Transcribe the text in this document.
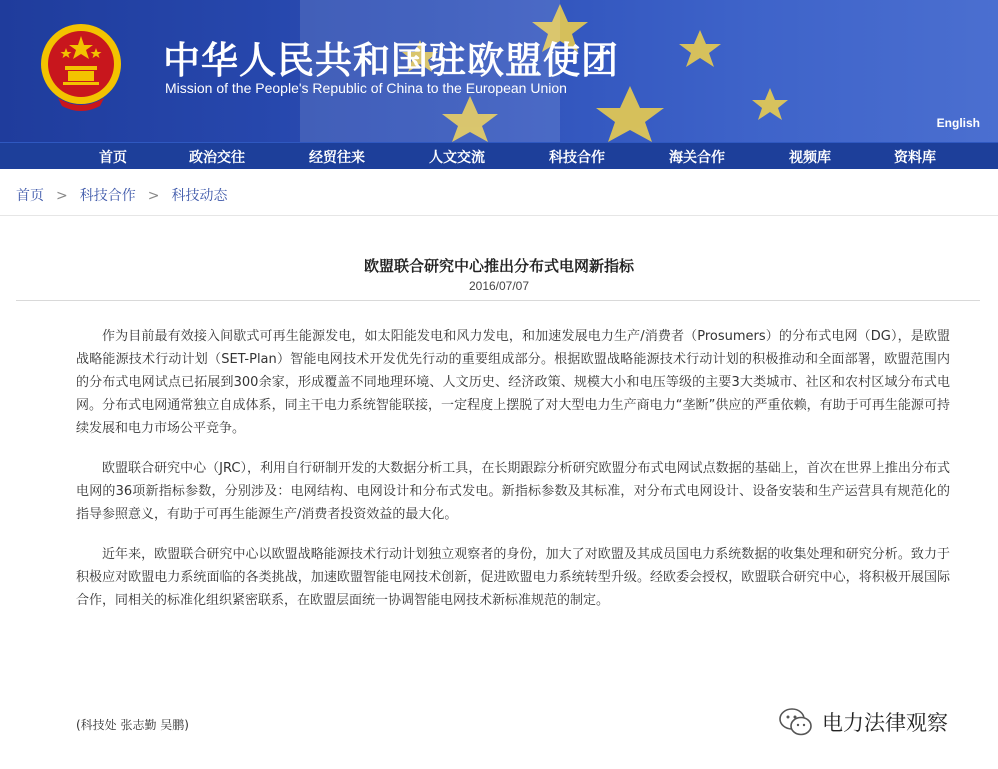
中华人民共和国驻欧盟使团
Mission of the People's Republic of China to the European Union
English
首页	政治交往	经贸往来	人文交流	科技合作	海关合作	视频库	资料库
首页 > 科技合作 > 科技动态
欧盟联合研究中心推出分布式电网新指标
2016/07/07

作为目前最有效接入间歇式可再生能源发电，如太阳能发电和风力发电，和加速发展电力生产/消费者（Prosumers）的分布式电网（DG），是欧盟战略能源技术行动计划（SET-Plan）智能电网技术开发优先行动的重要组成部分。根据欧盟战略能源技术行动计划的积极推动和全面部署，欧盟范围内的分布式电网试点已拓展到300余家，形成覆盖不同地理环境、人文历史、经济政策、规模大小和电压等级的主要3大类城市、社区和农村区域分布式电网。分布式电网通常独立自成体系，同主干电力系统智能联接，一定程度上摆脱了对大型电力生产商电力“垄断”供应的严重依赖，有助于可再生能源可持续发展和电力市场公平竞争。

欧盟联合研究中心（JRC），利用自行研制开发的大数据分析工具，在长期跟踪分析研究欧盟分布式电网试点数据的基础上，首次在世界上推出分布式电网的36项新指标参数，分别涉及：电网结构、电网设计和分布式发电。新指标参数及其标准，对分布式电网设计、设备安装和生产运营具有规范化的指导参照意义，有助于可再生能源生产/消费者投资效益的最大化。

近年来，欧盟联合研究中心以欧盟战略能源技术行动计划独立观察者的身份，加大了对欧盟及其成员国电力系统数据的收集处理和研究分析。致力于积极应对欧盟电力系统面临的各类挑战，加速欧盟智能电网技术创新，促进欧盟电力系统转型升级。经欧委会授权，欧盟联合研究中心，将积极开展国际合作，同相关的标准化组织紧密联系，在欧盟层面统一协调智能电网技术新标准规范的制定。

(科技处 张志勤 吴鹏)	电力法律观察
